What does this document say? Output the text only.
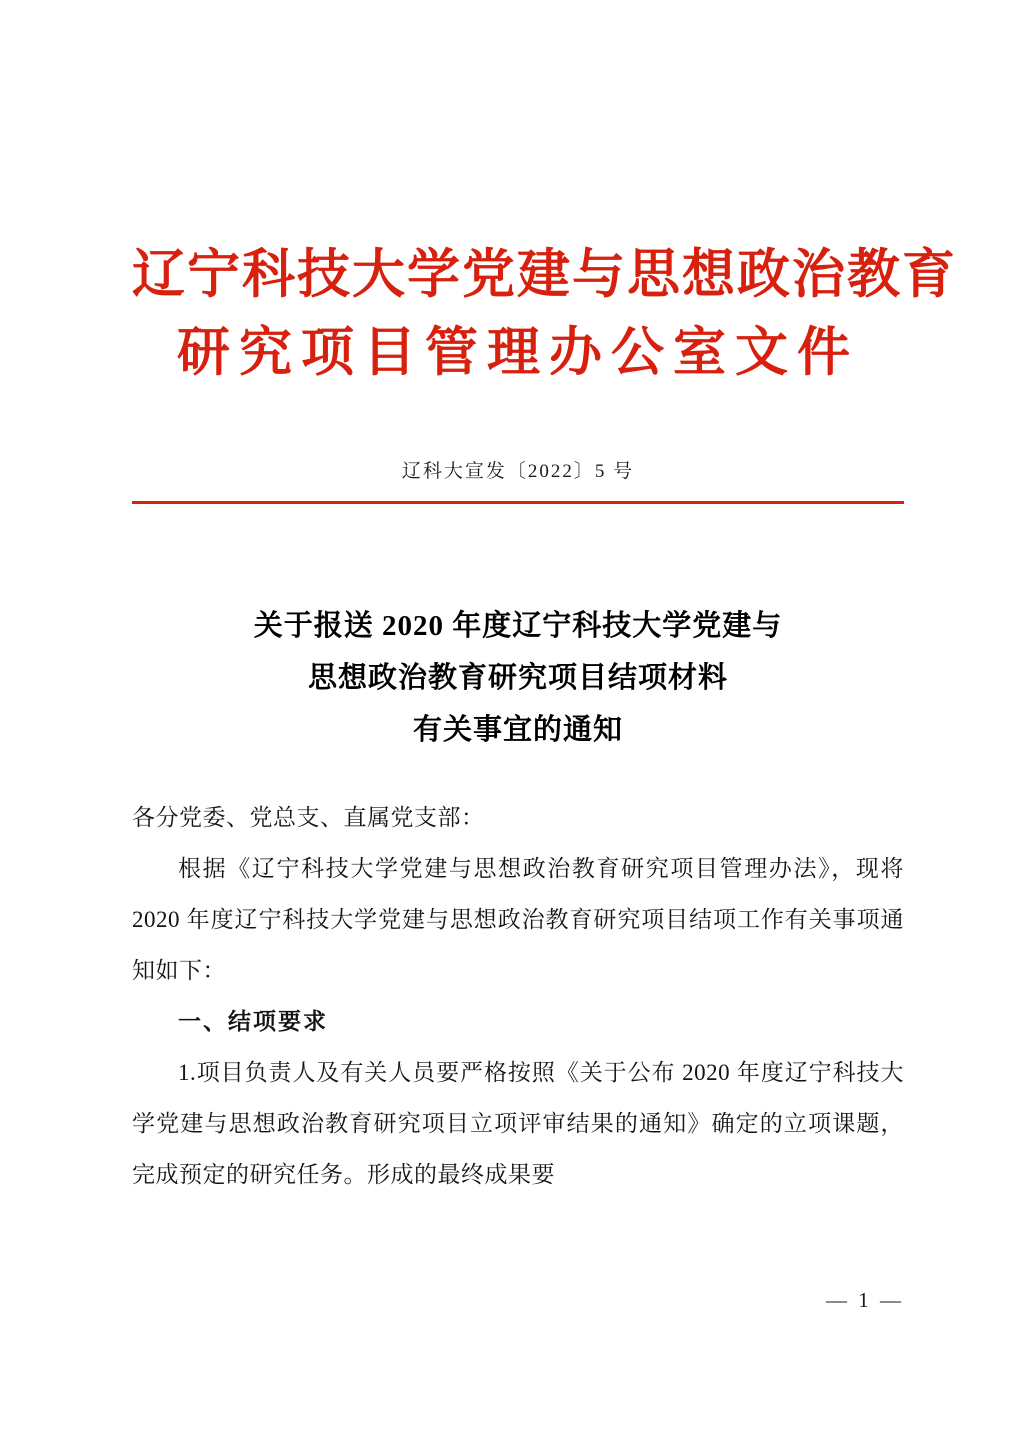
辽宁科技大学党建与思想政治教育
研究项目管理办公室文件
辽科大宣发〔2022〕5 号
关于报送 2020 年度辽宁科技大学党建与
思想政治教育研究项目结项材料
有关事宜的通知

各分党委、党总支、直属党支部：

根据《辽宁科技大学党建与思想政治教育研究项目管理办法》，现将 2020 年度辽宁科技大学党建与思想政治教育研究项目结项工作有关事项通知如下：

一、结项要求

1.项目负责人及有关人员要严格按照《关于公布 2020 年度辽宁科技大学党建与思想政治教育研究项目立项评审结果的通知》确定的立项课题，完成预定的研究任务。形成的最终成果要

— 1 —
